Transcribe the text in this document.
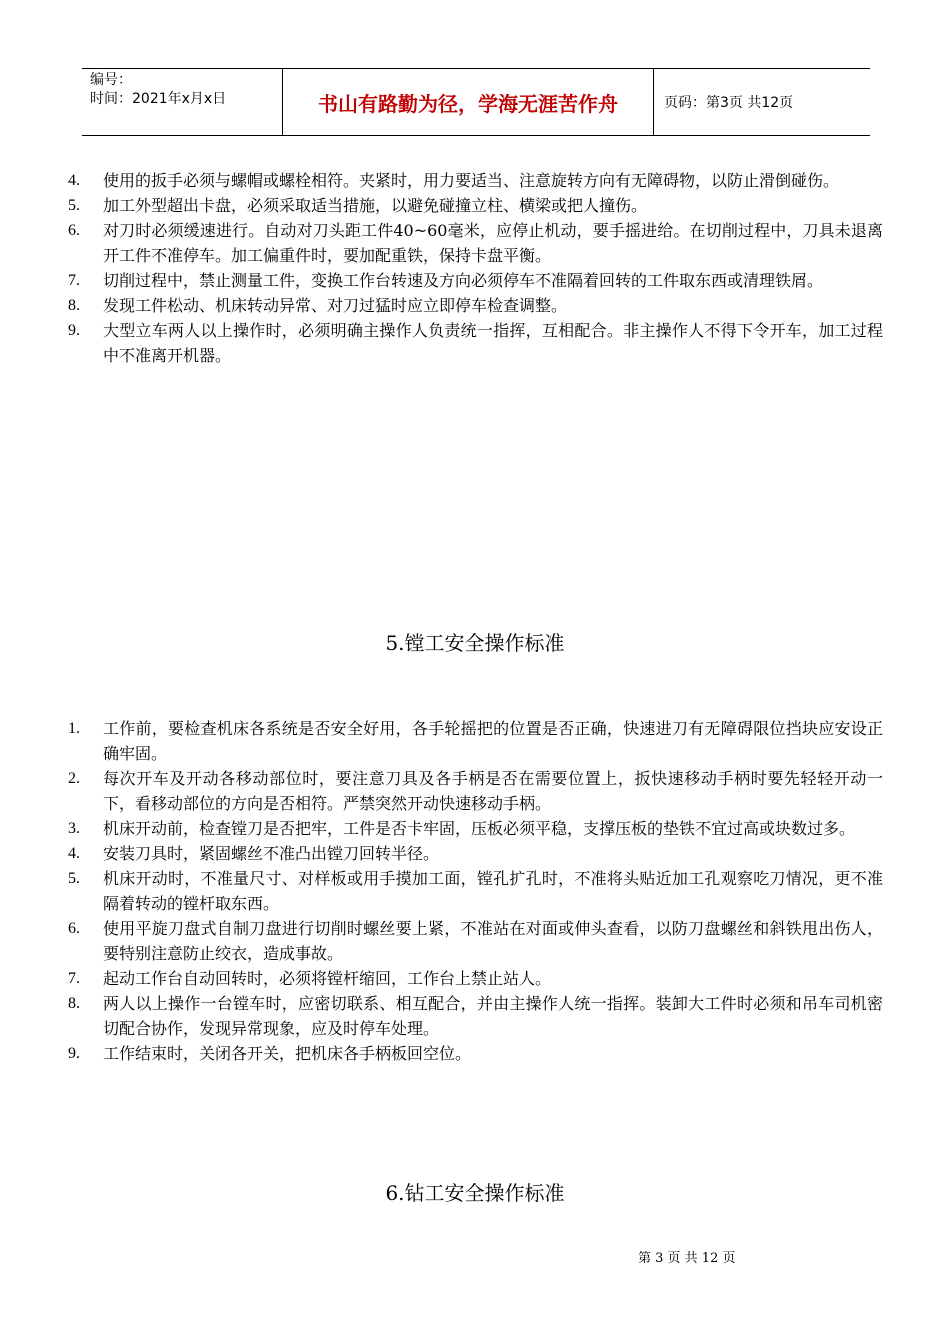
编号：
时间：2021年x月x日	书山有路勤为径，学海无涯苦作舟	页码：第3页 共12页
4.	使用的扳手必须与螺帽或螺栓相符。夹紧时，用力要适当、注意旋转方向有无障碍物，以防止滑倒碰伤。
5.	加工外型超出卡盘，必须采取适当措施，以避免碰撞立柱、横梁或把人撞伤。
6.	对刀时必须缓速进行。自动对刀头距工件40~60毫米，应停止机动，要手摇进给。在切削过程中，刀具未退离开工件不准停车。加工偏重件时，要加配重铁，保持卡盘平衡。
7.	切削过程中，禁止测量工件，变换工作台转速及方向必须停车不准隔着回转的工件取东西或清理铁屑。
8.	发现工件松动、机床转动异常、对刀过猛时应立即停车检查调整。
9.	大型立车两人以上操作时，必须明确主操作人负责统一指挥，互相配合。非主操作人不得下令开车，加工过程中不准离开机器。
5.镗工安全操作标准
1.	工作前，要检查机床各系统是否安全好用，各手轮摇把的位置是否正确，快速进刀有无障碍限位挡块应安设正确牢固。
2.	每次开车及开动各移动部位时，要注意刀具及各手柄是否在需要位置上，扳快速移动手柄时要先轻轻开动一下，看移动部位的方向是否相符。严禁突然开动快速移动手柄。
3.	机床开动前，检查镗刀是否把牢，工件是否卡牢固，压板必须平稳，支撑压板的垫铁不宜过高或块数过多。
4.	安装刀具时，紧固螺丝不准凸出镗刀回转半径。
5.	机床开动时，不准量尺寸、对样板或用手摸加工面，镗孔扩孔时，不准将头贴近加工孔观察吃刀情况，更不准隔着转动的镗杆取东西。
6.	使用平旋刀盘式自制刀盘进行切削时螺丝要上紧，不准站在对面或伸头查看，以防刀盘螺丝和斜铁甩出伤人，要特别注意防止绞衣，造成事故。
7.	起动工作台自动回转时，必须将镗杆缩回，工作台上禁止站人。
8.	两人以上操作一台镗车时，应密切联系、相互配合，并由主操作人统一指挥。装卸大工件时必须和吊车司机密切配合协作，发现异常现象，应及时停车处理。
9.	工作结束时，关闭各开关，把机床各手柄板回空位。
6.钻工安全操作标准
第 3 页 共 12 页
